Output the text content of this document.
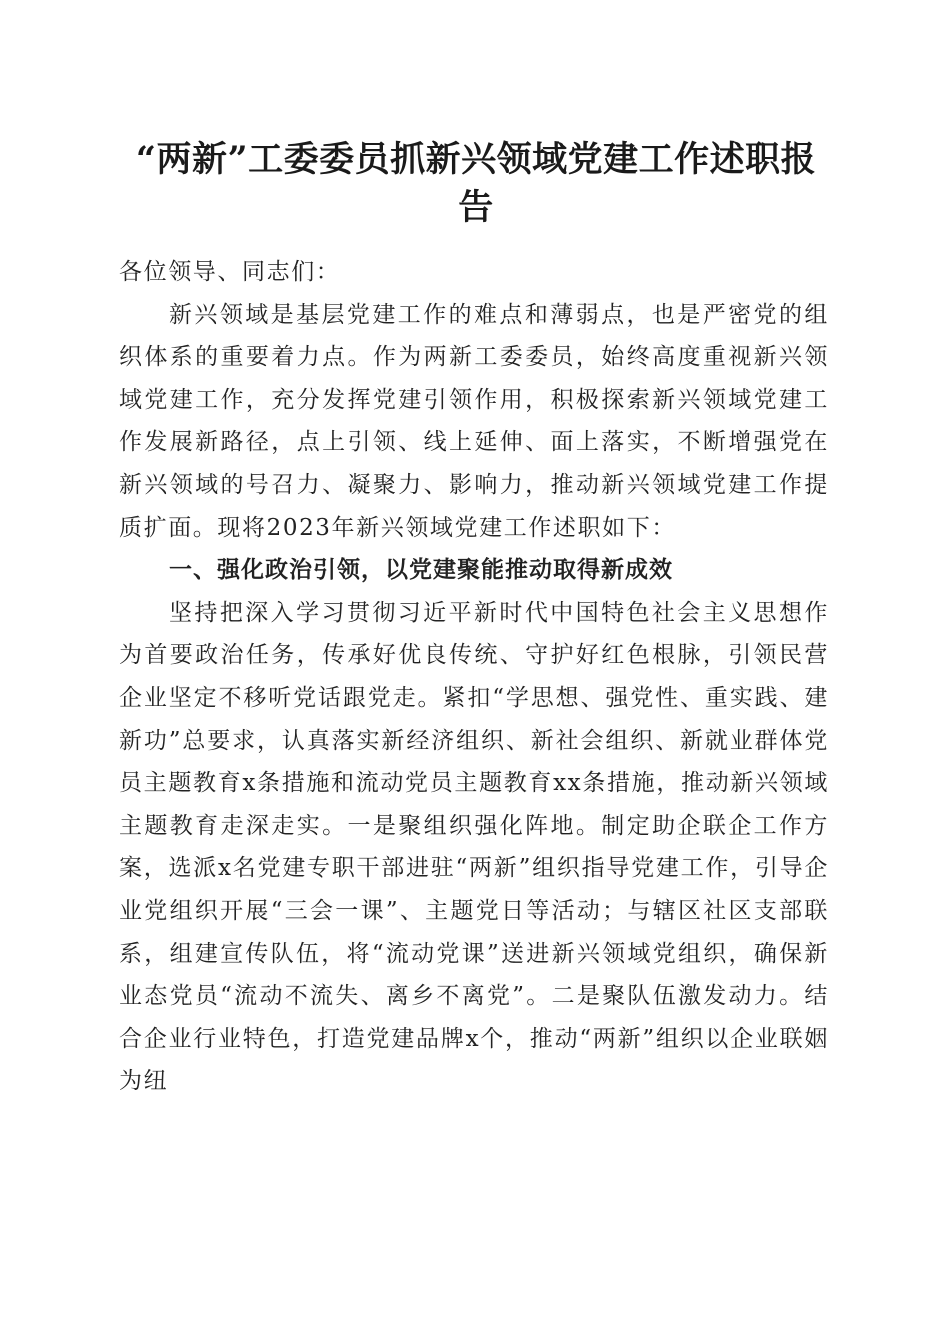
“两新”工委委员抓新兴领域党建工作述职报告

各位领导、同志们：

新兴领域是基层党建工作的难点和薄弱点，也是严密党的组织体系的重要着力点。作为两新工委委员，始终高度重视新兴领域党建工作，充分发挥党建引领作用，积极探索新兴领域党建工作发展新路径，点上引领、线上延伸、面上落实，不断增强党在新兴领域的号召力、凝聚力、影响力，推动新兴领域党建工作提质扩面。现将2023年新兴领域党建工作述职如下：

一、强化政治引领，以党建聚能推动取得新成效

坚持把深入学习贯彻习近平新时代中国特色社会主义思想作为首要政治任务，传承好优良传统、守护好红色根脉，引领民营企业坚定不移听党话跟党走。紧扣“学思想、强党性、重实践、建新功”总要求，认真落实新经济组织、新社会组织、新就业群体党员主题教育x条措施和流动党员主题教育xx条措施，推动新兴领域主题教育走深走实。一是聚组织强化阵地。制定助企联企工作方案，选派x名党建专职干部进驻“两新”组织指导党建工作，引导企业党组织开展“三会一课”、主题党日等活动；与辖区社区支部联系，组建宣传队伍，将“流动党课”送进新兴领域党组织，确保新业态党员“流动不流失、离乡不离党”。二是聚队伍激发动力。结合企业行业特色，打造党建品牌x个，推动“两新”组织以企业联姻为纽
